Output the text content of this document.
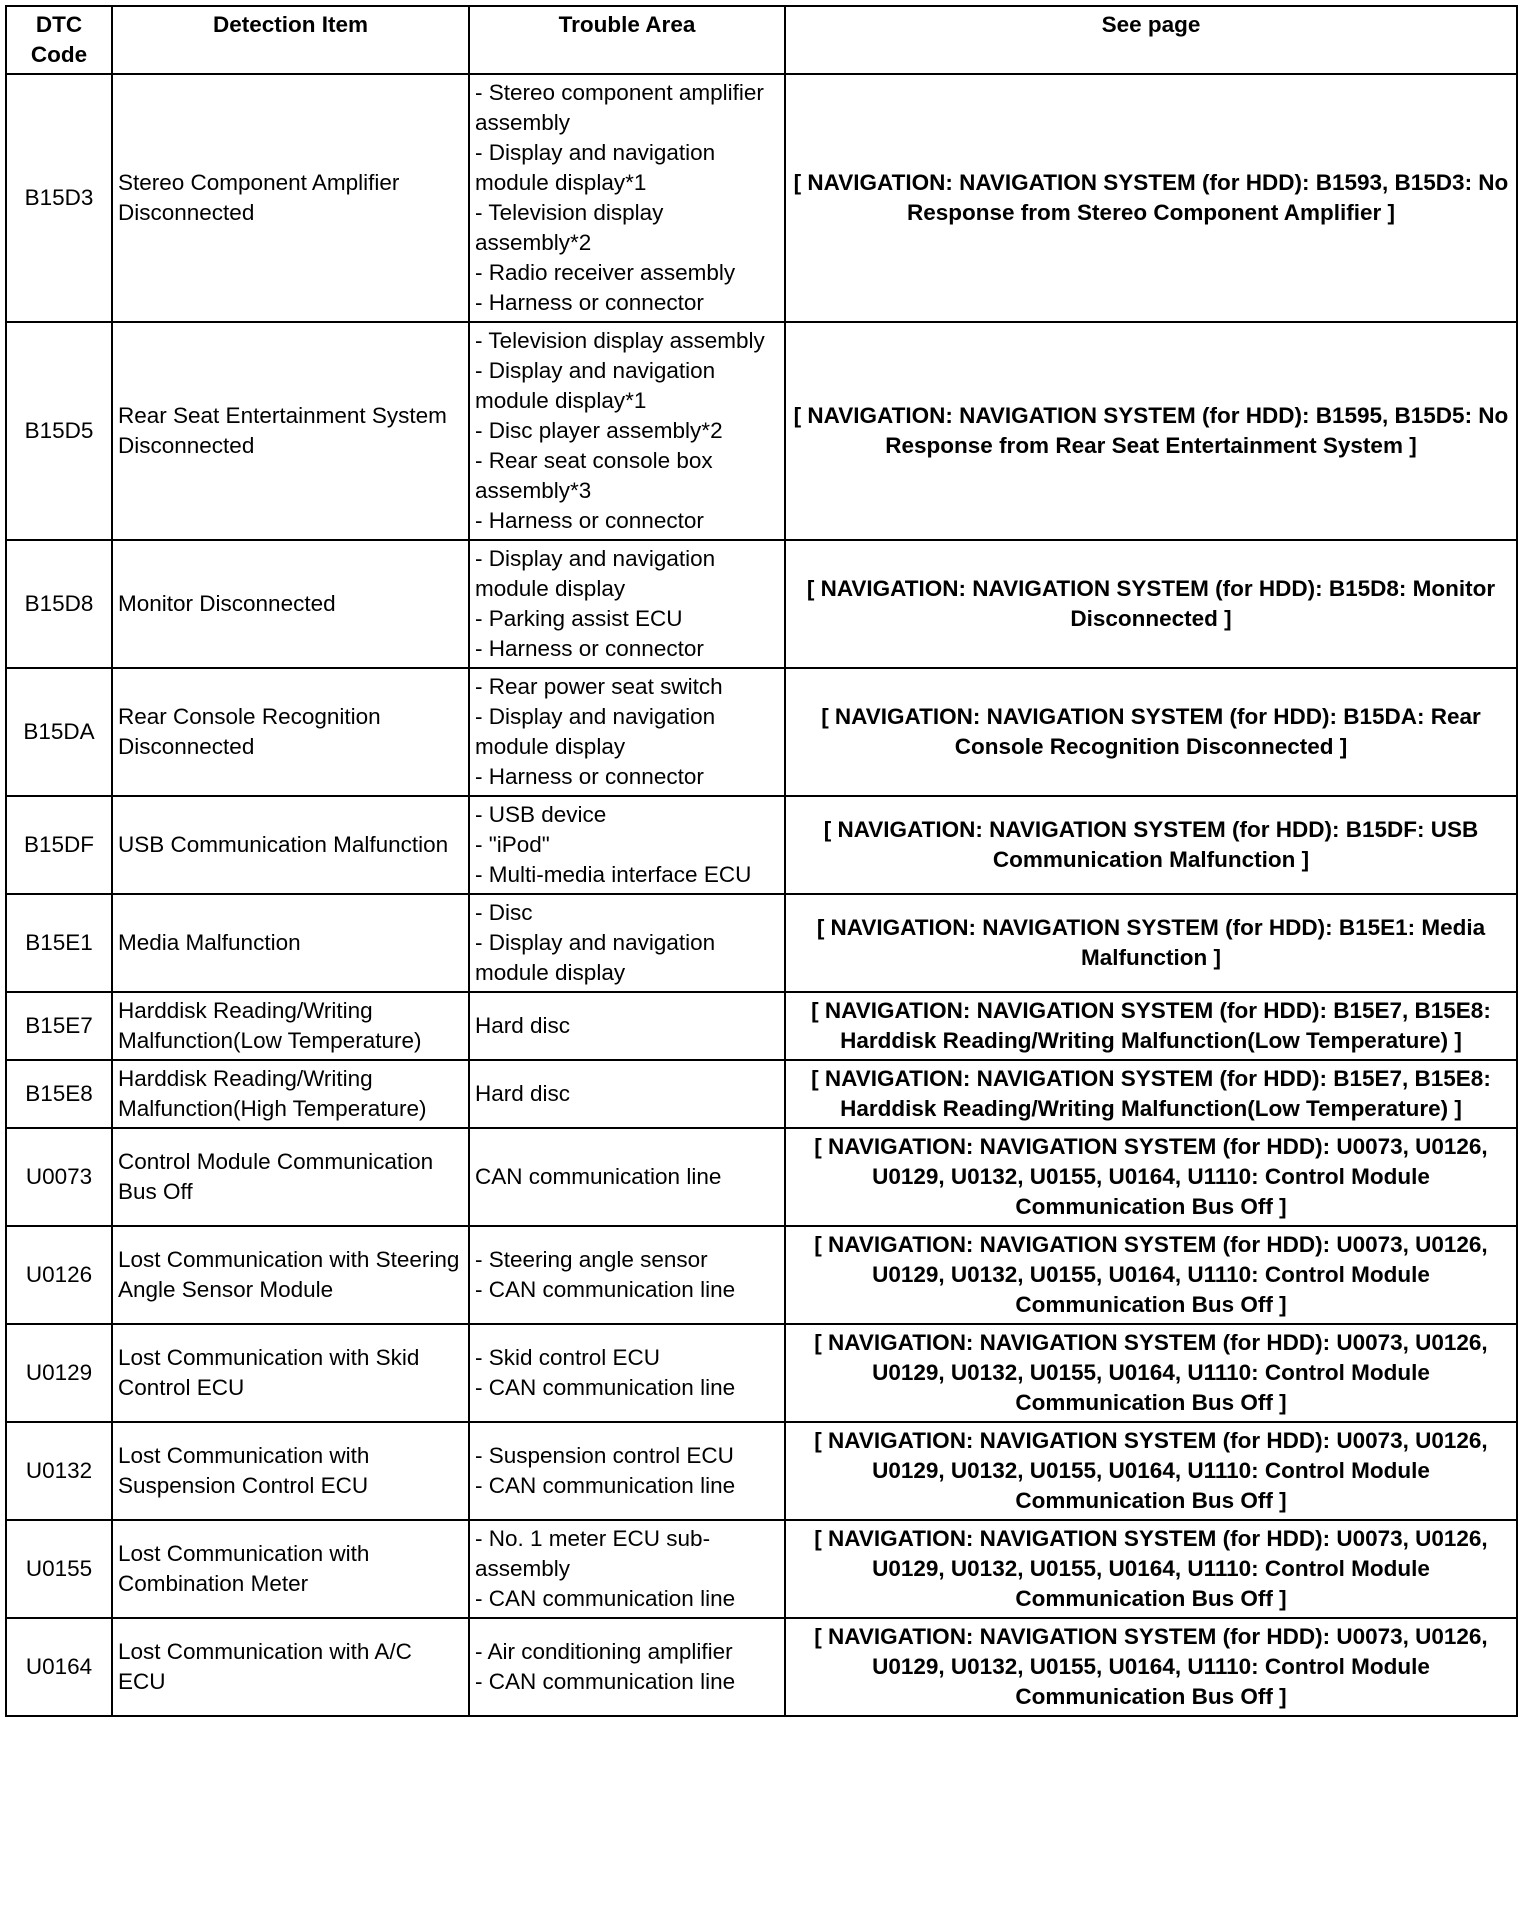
DTC Code	Detection Item	Trouble Area	See page
B15D3	Stereo Component Amplifier Disconnected	- Stereo component amplifier assembly
- Display and navigation module display*1
- Television display assembly*2
- Radio receiver assembly
- Harness or connector	[ NAVIGATION: NAVIGATION SYSTEM (for HDD): B1593, B15D3: No Response from Stereo Component Amplifier ]
B15D5	Rear Seat Entertainment System Disconnected	- Television display assembly
- Display and navigation module display*1
- Disc player assembly*2
- Rear seat console box assembly*3
- Harness or connector	[ NAVIGATION: NAVIGATION SYSTEM (for HDD): B1595, B15D5: No Response from Rear Seat Entertainment System ]
B15D8	Monitor Disconnected	- Display and navigation module display
- Parking assist ECU
- Harness or connector	[ NAVIGATION: NAVIGATION SYSTEM (for HDD): B15D8: Monitor Disconnected ]
B15DA	Rear Console Recognition Disconnected	- Rear power seat switch
- Display and navigation module display
- Harness or connector	[ NAVIGATION: NAVIGATION SYSTEM (for HDD): B15DA: Rear Console Recognition Disconnected ]
B15DF	USB Communication Malfunction	- USB device
- "iPod"
- Multi-media interface ECU	[ NAVIGATION: NAVIGATION SYSTEM (for HDD): B15DF: USB Communication Malfunction ]
B15E1	Media Malfunction	- Disc
- Display and navigation module display	[ NAVIGATION: NAVIGATION SYSTEM (for HDD): B15E1: Media Malfunction ]
B15E7	Harddisk Reading/Writing Malfunction(Low Temperature)	Hard disc	[ NAVIGATION: NAVIGATION SYSTEM (for HDD): B15E7, B15E8: Harddisk Reading/Writing Malfunction(Low Temperature) ]
B15E8	Harddisk Reading/Writing Malfunction(High Temperature)	Hard disc	[ NAVIGATION: NAVIGATION SYSTEM (for HDD): B15E7, B15E8: Harddisk Reading/Writing Malfunction(Low Temperature) ]
U0073	Control Module Communication Bus Off	CAN communication line	[ NAVIGATION: NAVIGATION SYSTEM (for HDD): U0073, U0126, U0129, U0132, U0155, U0164, U1110: Control Module Communication Bus Off ]
U0126	Lost Communication with Steering Angle Sensor Module	- Steering angle sensor
- CAN communication line	[ NAVIGATION: NAVIGATION SYSTEM (for HDD): U0073, U0126, U0129, U0132, U0155, U0164, U1110: Control Module Communication Bus Off ]
U0129	Lost Communication with Skid Control ECU	- Skid control ECU
- CAN communication line	[ NAVIGATION: NAVIGATION SYSTEM (for HDD): U0073, U0126, U0129, U0132, U0155, U0164, U1110: Control Module Communication Bus Off ]
U0132	Lost Communication with Suspension Control ECU	- Suspension control ECU
- CAN communication line	[ NAVIGATION: NAVIGATION SYSTEM (for HDD): U0073, U0126, U0129, U0132, U0155, U0164, U1110: Control Module Communication Bus Off ]
U0155	Lost Communication with Combination Meter	- No. 1 meter ECU sub-assembly
- CAN communication line	[ NAVIGATION: NAVIGATION SYSTEM (for HDD): U0073, U0126, U0129, U0132, U0155, U0164, U1110: Control Module Communication Bus Off ]
U0164	Lost Communication with A/C ECU	- Air conditioning amplifier
- CAN communication line	[ NAVIGATION: NAVIGATION SYSTEM (for HDD): U0073, U0126, U0129, U0132, U0155, U0164, U1110: Control Module Communication Bus Off ]
